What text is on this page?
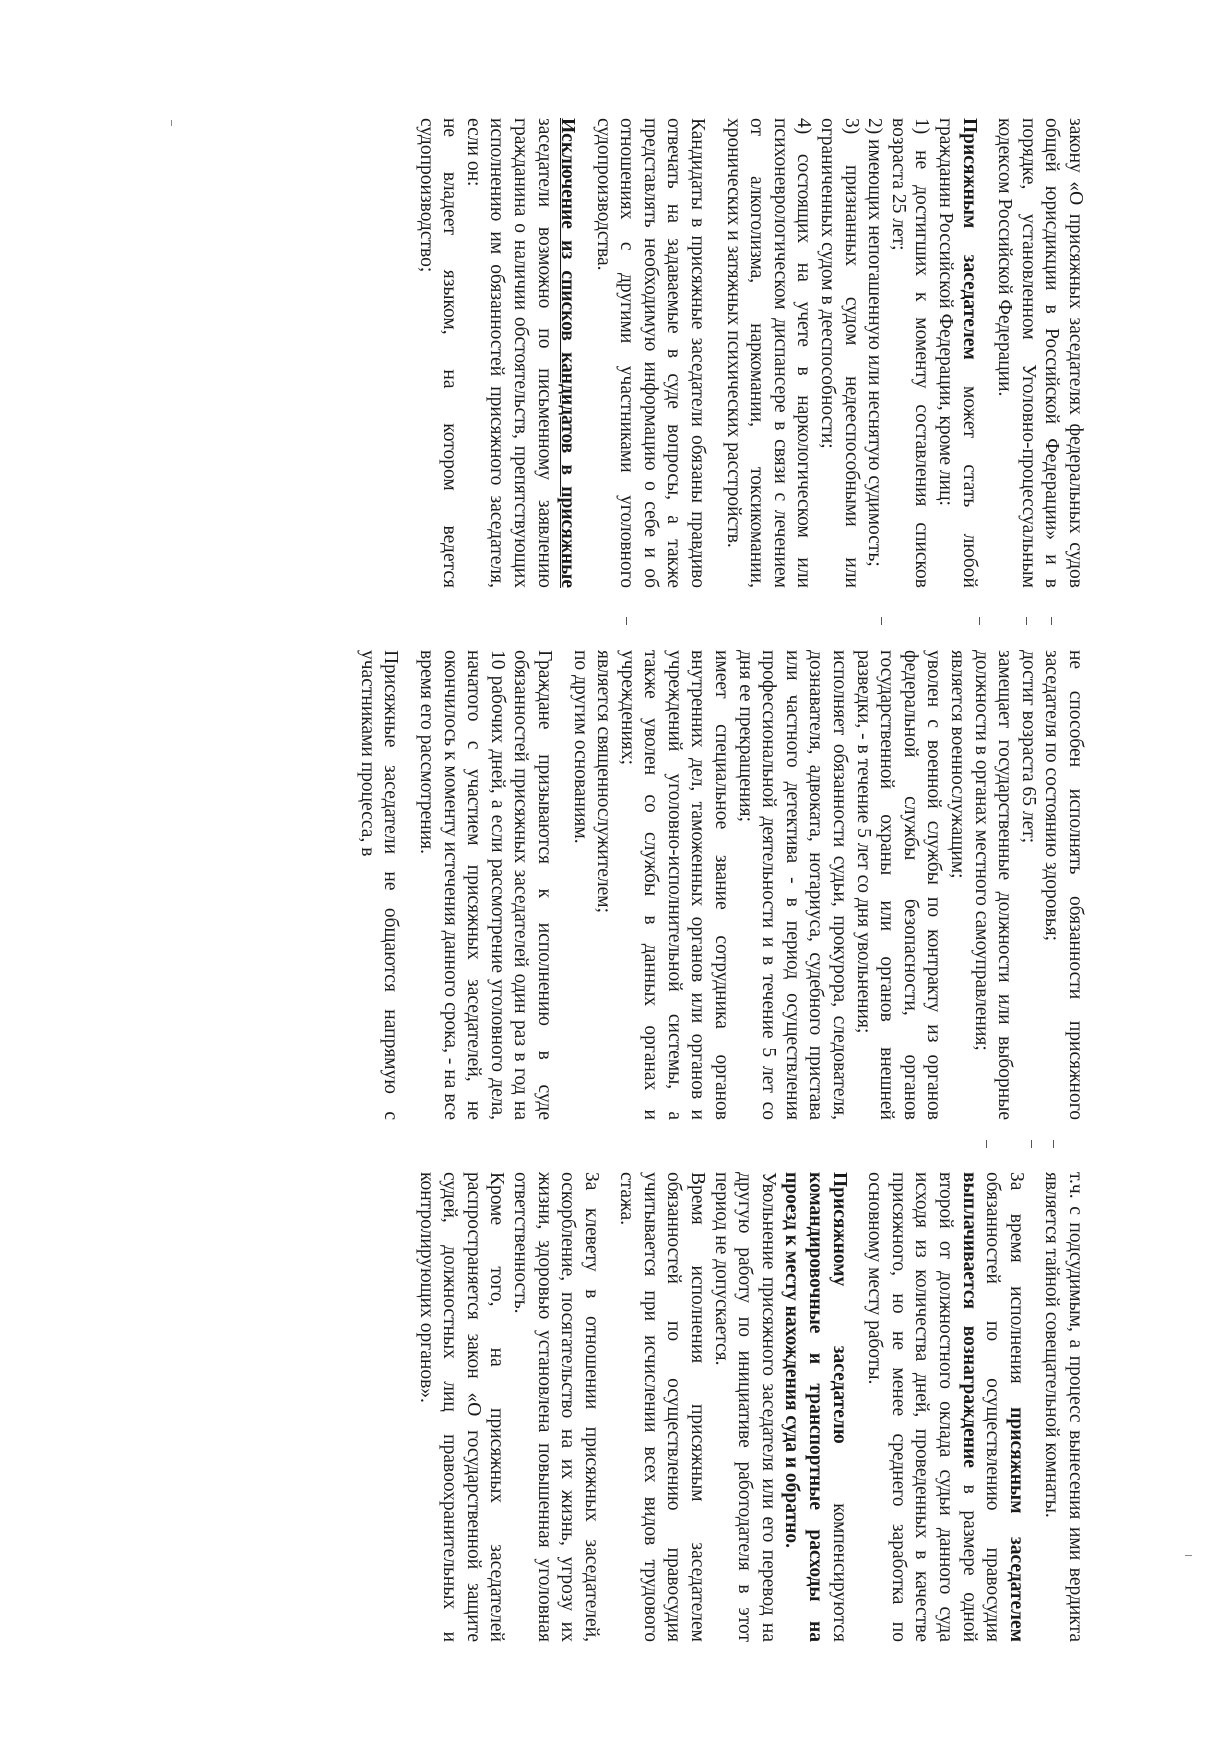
закону «О присяжных заседателях федеральных судов общей юрисдикции в Российской Федерации» и в порядке, установленном Уголовно-процессуальным кодексом Российской Федерации.

Присяжным заседателем может стать любой гражданин Российской Федерации, кроме лиц:

1) не достигших к моменту составления списков возраста 25 лет;

2) имеющих непогашенную или неснятую судимость;

3) признанных судом недееспособными или ограниченных судом в дееспособности;

4) состоящих на учете в наркологическом или психоневрологическом диспансере в связи с лечением от алкоголизма, наркомании, токсикомании, хронических и затяжных психических расстройств.

Кандидаты в присяжные заседатели обязаны правдиво отвечать на задаваемые в суде вопросы, а также представлять необходимую информацию о себе и об отношениях с другими участниками уголовного судопроизводства.

Исключение из списков кандидатов в присяжные заседатели возможно по письменному заявлению гражданина о наличии обстоятельств, препятствующих исполнению им обязанностей присяжного заседателя, если он:

не владеет языком, на котором ведется судопроизводство;

не способен исполнять обязанности присяжного заседателя по состоянию здоровья;

достиг возраста 65 лет;

замещает государственные должности или выборные должности в органах местного самоуправления;

является военнослужащим;

уволен с военной службы по контракту из органов федеральной службы безопасности, органов государственной охраны или органов внешней разведки, - в течение 5 лет со дня увольнения;

исполняет обязанности судьи, прокурора, следователя, дознавателя, адвоката, нотариуса, судебного пристава или частного детектива - в период осуществления профессиональной деятельности и в течение 5 лет со дня ее прекращения;

имеет специальное звание сотрудника органов внутренних дел, таможенных органов или органов и учреждений уголовно-исполнительной системы, а также уволен со службы в данных органах и учреждениях;

является священнослужителем;

по другим основаниям.

Граждане призываются к исполнению в суде обязанностей присяжных заседателей один раз в год на 10 рабочих дней, а если рассмотрение уголовного дела, начатого с участием присяжных заседателей, не окончилось к моменту истечения данного срока, - на все время его рассмотрения.

Присяжные заседатели не общаются напрямую с участниками процесса, в

т.ч. с подсудимым, а процесс вынесения ими вердикта является тайной совещательной комнаты.

За время исполнения присяжным заседателем обязанностей по осуществлению правосудия выплачивается вознаграждение в размере одной второй от должностного оклада судьи данного суда исходя из количества дней, проведенных в качестве присяжного, но не менее среднего заработка по основному месту работы.

Присяжному заседателю компенсируются командировочные и транспортные расходы на проезд к месту нахождения суда и обратно.

Увольнение присяжного заседателя или его перевод на другую работу по инициативе работодателя в этот период не допускается.

Время исполнения присяжным заседателем обязанностей по осуществлению правосудия учитывается при исчислении всех видов трудового стажа.

За клевету в отношении присяжных заседателей, оскорбление, посягательство на их жизнь, угрозу их жизни, здоровью установлена повышенная уголовная ответственность.

Кроме того, на присяжных заседателей распространяется закон «О государственной защите судей, должностных лиц правоохранительных и контролирующих органов».
